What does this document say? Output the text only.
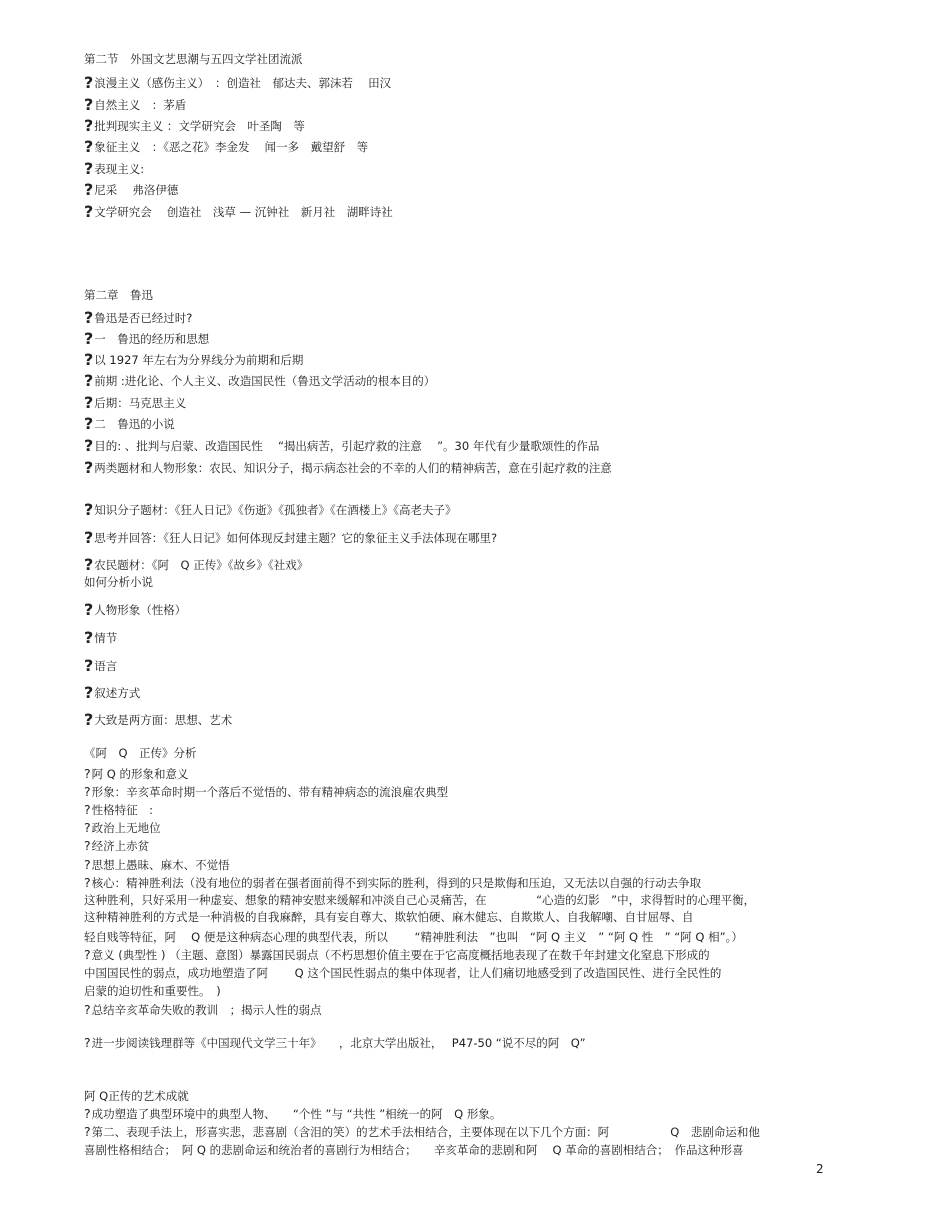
第二节　外国文艺思潮与五四文学社团流派
?浪漫主义（感伤主义）　：创造社　郁达夫、郭沫若　 田汉
?自然主义　：茅盾
?批判现实主义 ：文学研究会　叶圣陶　等
?象征主义　：《恶之花》李金发　 闻一多　戴望舒　等
?表现主义:
?尼采　 弗洛伊德
?文学研究会　 创造社　浅草 — 沉钟社　新月社　湖畔诗社
第二章　鲁迅
?鲁迅是否已经过时?
?一　鲁迅的经历和思想
?以 1927 年左右为分界线分为前期和后期
?前期 :进化论、个人主义、改造国民性（鲁迅文学活动的根本目的）
?后期：马克思主义
?二　鲁迅的小说
?目的: 、批判与启蒙、改造国民性　 “揭出病苦，引起疗救的注意　 ”。30 年代有少量歌颂性的作品
?两类题材和人物形象：农民、知识分子，揭示病态社会的不幸的人们的精神病苦，意在引起疗救的注意
?知识分子题材：《狂人日记》《伤逝》《孤独者》《在酒楼上》《高老夫子》
?思考并回答：《狂人日记》如何体现反封建主题？它的象征主义手法体现在哪里?
?农民题材：《阿　Q 正传》《故乡》《社戏》
如何分析小说
?人物形象（性格）
?情节
?语言
?叙述方式
?大致是两方面：思想、艺术
《阿　Q　正传》分析
?阿 Q 的形象和意义
?形象：辛亥革命时期一个落后不觉悟的、带有精神病态的流浪雇农典型
?性格特征　:
?政治上无地位
?经济上赤贫
?思想上愚昧、麻木、不觉悟
?核心：精神胜利法（没有地位的弱者在强者面前得不到实际的胜利，得到的只是欺侮和压迫，又无法以自强的行动去争取
这种胜利，只好采用一种虚妄、想象的精神安慰来缓解和冲淡自己心灵痛苦，在　　　　 “心造的幻影　”中，求得暂时的心理平衡，
这种精神胜利的方式是一种消极的自我麻醉，具有妄自尊大、欺软怕硬、麻木健忘、自欺欺人、自我解嘲、自甘屈辱、自
轻自贱等特征，阿　 Q 便是这种病态心理的典型代表，所以　　 “精神胜利法　”也叫　“阿 Q 主义　” “阿 Q 性　” “阿 Q 相”。）
?意义 (典型性 ) （主题、意图）暴露国民弱点（不朽思想价值主要在于它高度概括地表现了在数千年封建文化窒息下形成的
中国国民性的弱点，成功地塑造了阿　　 Q 这个国民性弱点的集中体现者，让人们痛切地感受到了改造国民性、进行全民性的
启蒙的迫切性和重要性。　)
?总结辛亥革命失败的教训　；揭示人性的弱点
?进一步阅读钱理群等《中国现代文学三十年》　　，北京大学出版社，　 P47-50 “说不尽的阿　Q”
阿 Q正传的艺术成就
?成功塑造了典型环境中的典型人物、　　“个性 ”与 “共性 ”相统一的阿　Q 形象。
?第二、表现手法上，形喜实悲，悲喜剧（含泪的笑）的艺术手法相结合，主要体现在以下几个方面：阿　　　　　 Q　悲剧命运和他
喜剧性格相结合；　阿 Q 的悲剧命运和统治者的喜剧行为相结合；　　辛亥革命的悲剧和阿　 Q 革命的喜剧相结合；　作品这种形喜
2
